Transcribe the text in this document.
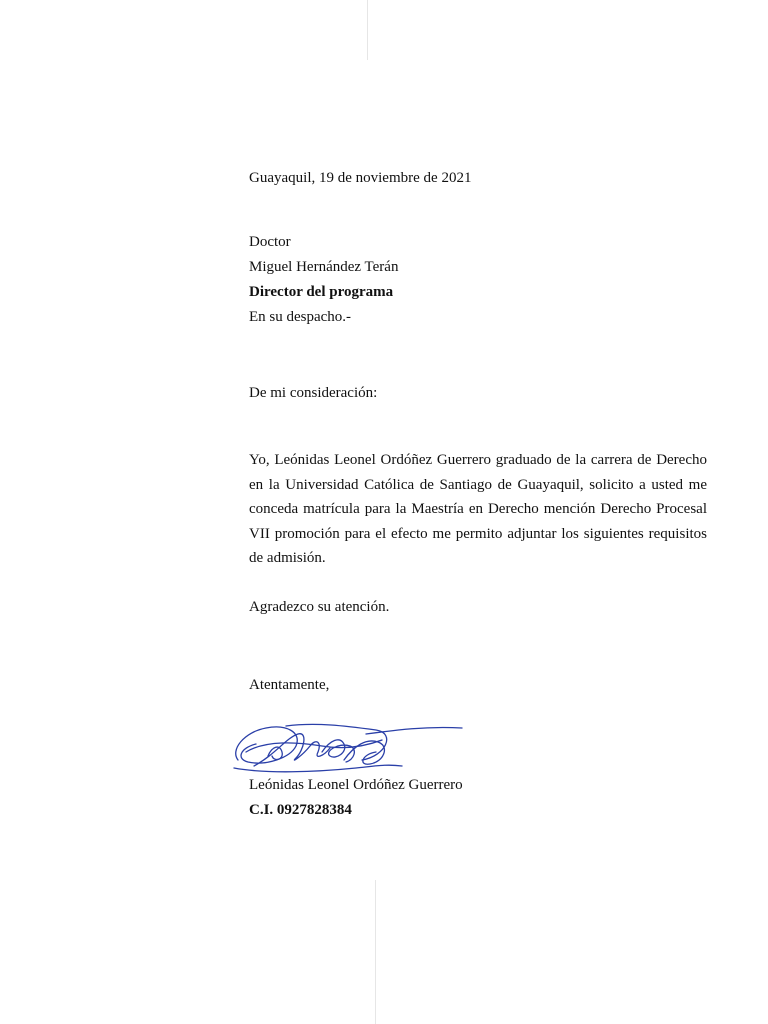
Guayaquil, 19 de noviembre de 2021
Doctor
Miguel Hernández Terán
Director del programa
En su despacho.-
De mi consideración:
Yo, Leónidas Leonel Ordóñez Guerrero graduado de la carrera de Derecho en la Universidad Católica de Santiago de Guayaquil, solicito a usted me conceda matrícula para la Maestría en Derecho mención Derecho Procesal VII promoción para el efecto me permito adjuntar los siguientes requisitos de admisión.
Agradezco su atención.
Atentamente,
Leónidas Leonel Ordóñez Guerrero
C.I. 0927828384
